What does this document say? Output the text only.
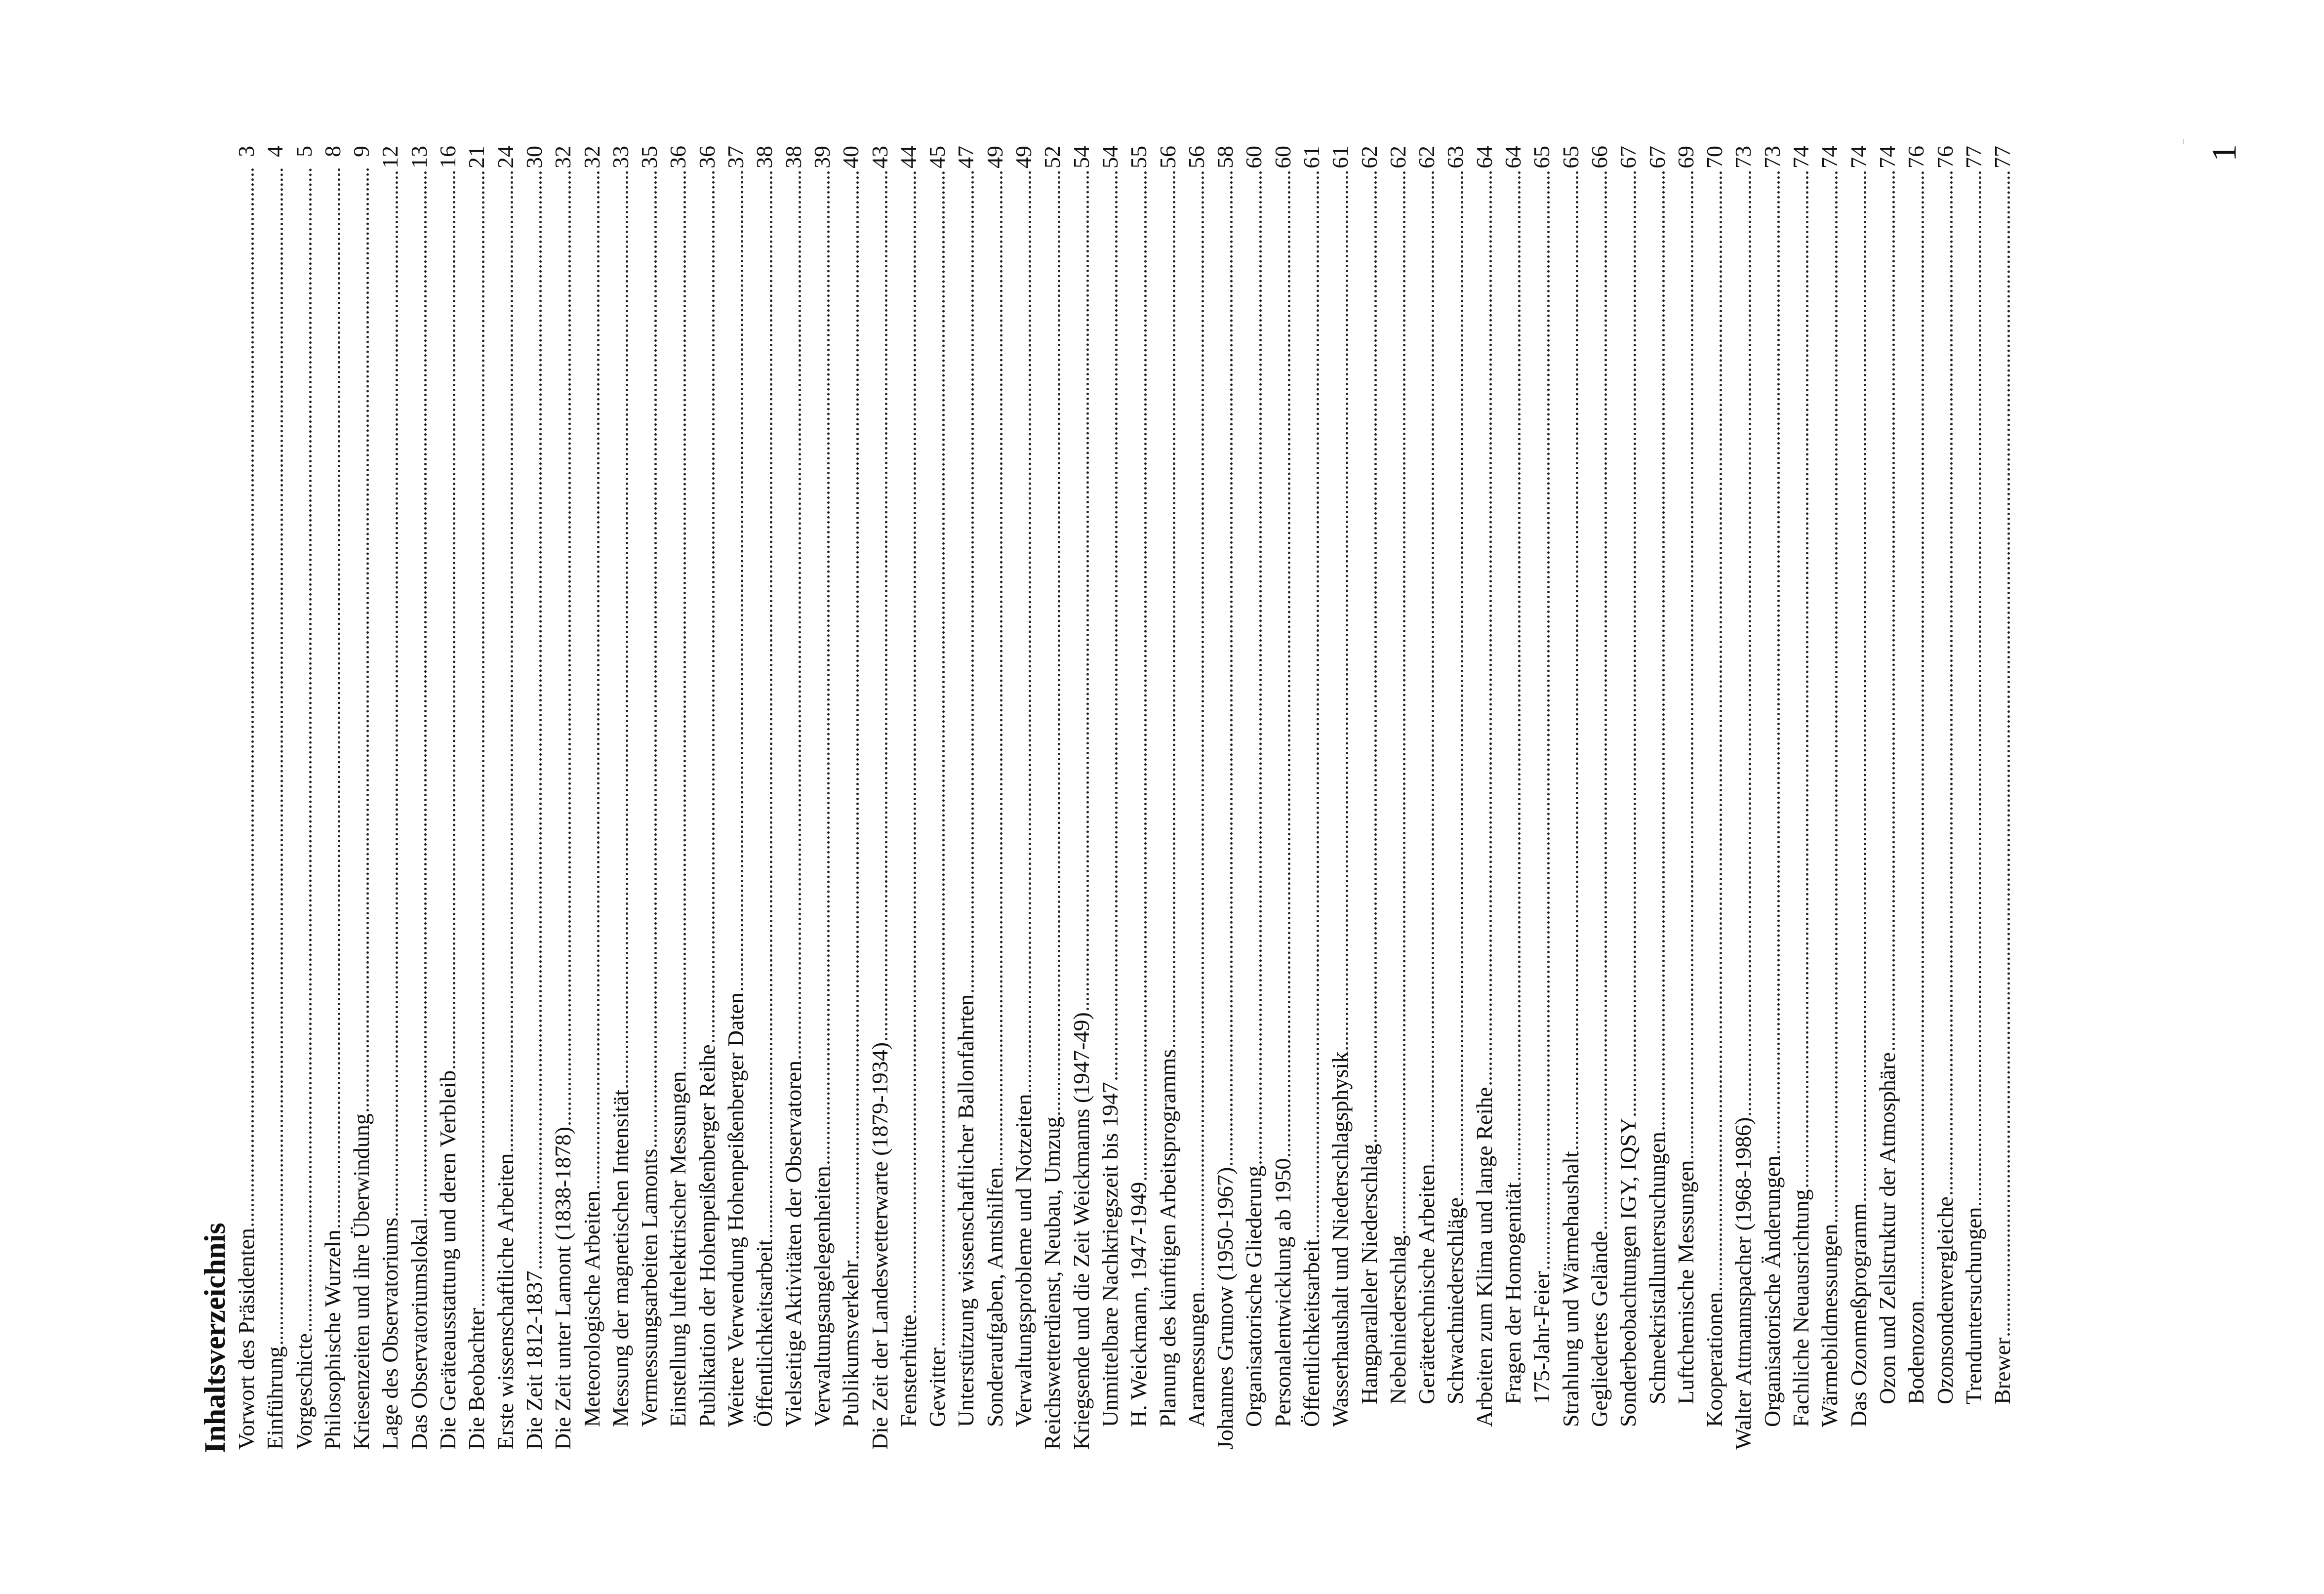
Inhaltsverzeichnis Vorwort des Präsidenten
3
Einführung
4
Vorgeschicte
5
Philosophische Wurzeln
8
Kriesenzeiten und ihre Überwindung
9
Lage des Observatoriums
12
Das Observatoriumslokal
13
Die Geräteausstattung und deren Verbleib
16
Die Beobachter
21
Erste wissenschaftliche Arbeiten
24
Die Zeit 1812-1837
30
Die Zeit unter Lamont (1838-1878)
32
Meteorologische Arbeiten
32
Messung der magnetischen Intensität
33
Vermessungsarbeiten Lamonts
35
Einstellung luftelektrischer Messungen
36
Publikation der Hohenpeißenberger Reihe
36
Weitere Verwendung Hohenpeißenberger Daten
37
Öffentlichkeitsarbeit
38
Vielseitige Aktivitäten der Observatoren
38
Verwaltungsangelegenheiten
39
Publikumsverkehr
40
Die Zeit der Landeswetterwarte (1879-1934)
43
Fensterhütte
44
Gewitter
45
Unterstützung wissenschaftlicher Ballonfahrten
47
Sonderaufgaben, Amtshilfen
49
Verwaltungsprobleme und Notzeiten
49
Reichswetterdienst, Neubau, Umzug
52
Kriegsende und die Zeit Weickmanns (1947-49)
54
Unmittelbare Nachkriegszeit bis 1947
54
H. Weickmann, 1947-1949
55
Planung des künftigen Arbeitsprogramms
56
Aramessungen
56
Johannes Grunow (1950-1967)
58
Organisatorische Gliederung
60
Personalentwicklung ab 1950
60
Öffentlichkeitsarbeit
61
Wasserhaushalt und Niederschlagsphysik
61
Hangparalleler Niederschlag
62
Nebelniederschlag
62
Gerätetechnische Arbeiten
62
Schwachniederschläge
63
Arbeiten zum Klima und lange Reihe
64
Fragen der Homogenität
64
175-Jahr-Feier
65
Strahlung und Wärmehaushalt
65
Gegliedertes Gelände
66
Sonderbeobachtungen IGY, IQSY
67
Schneekristalluntersuchungen
67
Luftchemische Messungen
69
Kooperationen
70
Walter Attmannspacher (1968-1986)
73
Organisatorische Änderungen
73
Fachliche Neuausrichtung
74
Wärmebildmessungen
74
Das Ozonmeßprogramm
74
Ozon und Zellstruktur der Atmosphäre
74
Bodenozon
76
Ozonsondenvergleiche
76
Trenduntersuchungen
77
Brewer
77	1
